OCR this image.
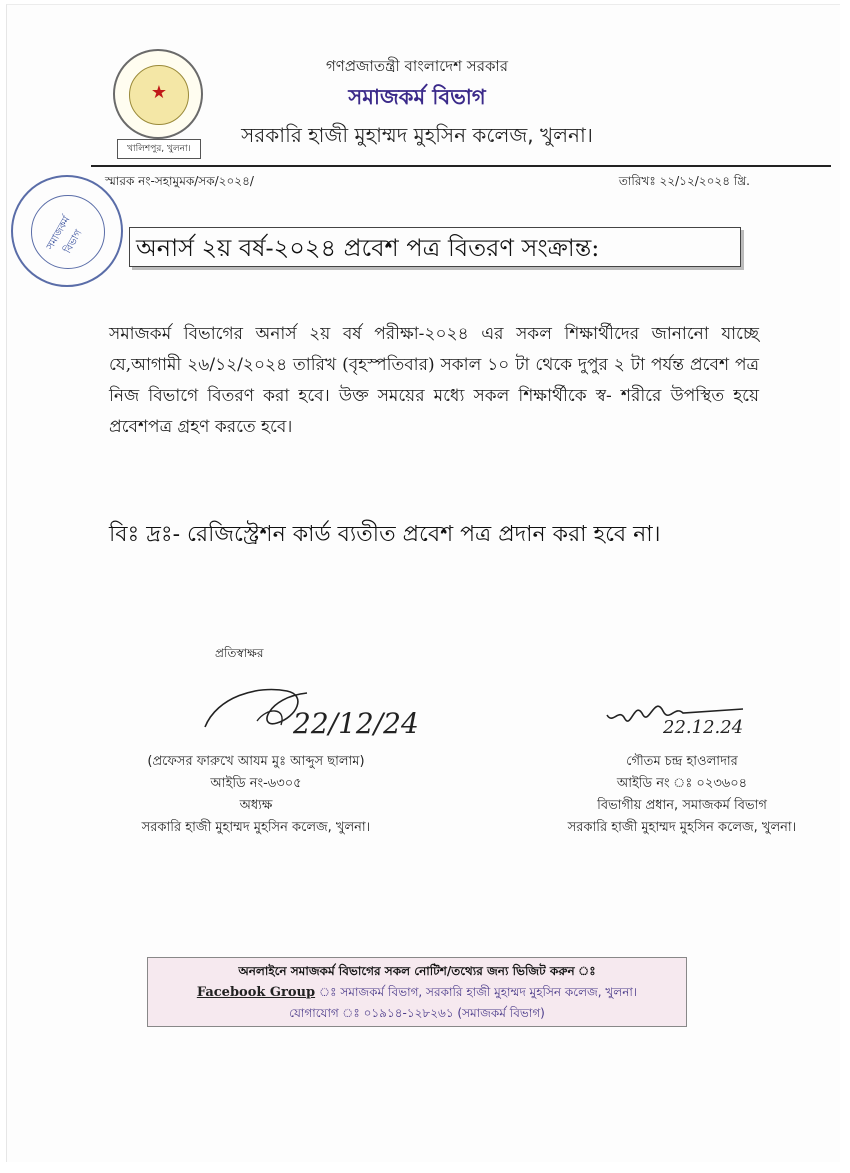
★
খালিশপুর, খুলনা।
গণপ্রজাতন্ত্রী বাংলাদেশ সরকার
সমাজকর্ম বিভাগ
সরকারি হাজী মুহাম্মদ মুহসিন কলেজ, খুলনা।
স্মারক নং-সহামুমক/সক/২০২৪/	তারিখঃ ২২/১২/২০২৪ খ্রি.
সমাজকর্ম বিভাগ	অনার্স ২য় বর্ষ-২০২৪ প্রবেশ পত্র বিতরণ সংক্রান্ত:
সমাজকর্ম বিভাগের অনার্স ২য় বর্ষ পরীক্ষা-২০২৪ এর সকল শিক্ষার্থীদের জানানো যাচ্ছে যে,আগামী ২৬/১২/২০২৪ তারিখ (বৃহস্পতিবার) সকাল ১০ টা থেকে দুপুর ২ টা পর্যন্ত প্রবেশ পত্র নিজ বিভাগে বিতরণ করা হবে। উক্ত সময়ের মধ্যে সকল শিক্ষার্থীকে স্ব- শরীরে উপস্থিত হয়ে প্রবেশপত্র গ্রহণ করতে হবে।
বিঃ দ্রঃ- রেজিস্ট্রেশন কার্ড ব্যতীত প্রবেশ পত্র প্রদান করা হবে না।
প্রতিস্বাক্ষর
22/12/24	22.12.24
(প্রফেসর ফারুখে আযম মুঃ আব্দুস ছালাম)
আইডি নং-৬৩০৫
অধ্যক্ষ
সরকারি হাজী মুহাম্মদ মুহসিন কলেজ, খুলনা।
গৌতম চন্দ্র হাওলাদার
আইডি নং ঃ ০২৩৬০৪
বিভাগীয় প্রধান, সমাজকর্ম বিভাগ
সরকারি হাজী মুহাম্মদ মুহসিন কলেজ, খুলনা।
অনলাইনে সমাজকর্ম বিভাগের সকল নোটিশ/তথ্যের জন্য ভিজিট করুন ঃ
Facebook Group ঃ সমাজকর্ম বিভাগ, সরকারি হাজী মুহাম্মদ মুহসিন কলেজ, খুলনা।
যোগাযোগ ঃ ০১৯১৪-১২৮২৬১ (সমাজকর্ম বিভাগ)
